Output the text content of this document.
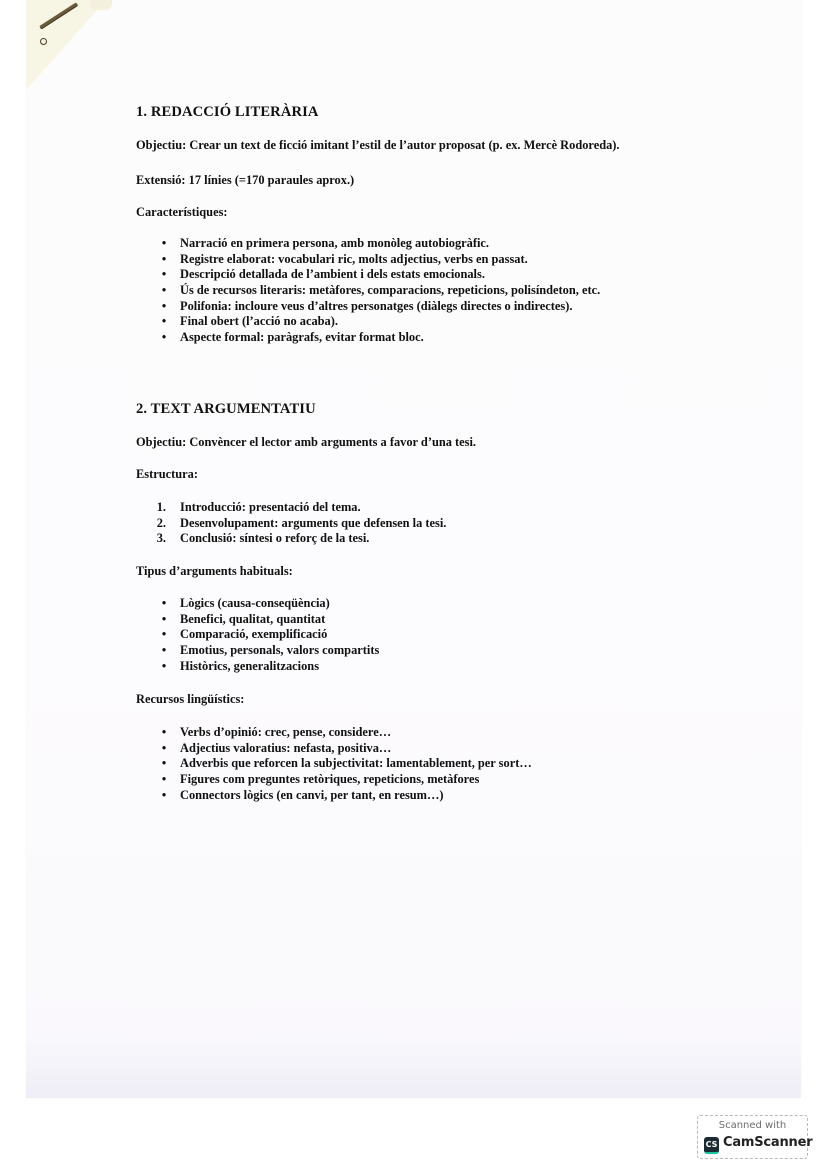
1. REDACCIÓ LITERÀRIA
Objectiu: Crear un text de ficció imitant l’estil de l’autor proposat (p. ex. Mercè Rodoreda).
Extensió: 17 línies (=170 paraules aprox.)
Característiques:
•	Narració en primera persona, amb monòleg autobiogràfic.
•	Registre elaborat: vocabulari ric, molts adjectius, verbs en passat.
•	Descripció detallada de l’ambient i dels estats emocionals.
•	Ús de recursos literaris: metàfores, comparacions, repeticions, polisíndeton, etc.
•	Polifonia: incloure veus d’altres personatges (diàlegs directes o indirectes).
•	Final obert (l’acció no acaba).
•	Aspecte formal: paràgrafs, evitar format bloc.
2. TEXT ARGUMENTATIU
Objectiu: Convèncer el lector amb arguments a favor d’una tesi.
Estructura:
1. Introducció: presentació del tema.
2. Desenvolupament: arguments que defensen la tesi.
3. Conclusió: síntesi o reforç de la tesi.
Tipus d’arguments habituals:
•	Lògics (causa-conseqüència)
•	Benefici, qualitat, quantitat
•	Comparació, exemplificació
•	Emotius, personals, valors compartits
•	Històrics, generalitzacions
Recursos lingüístics:
•	Verbs d’opinió: crec, pense, considere…
•	Adjectius valoratius: nefasta, positiva…
•	Adverbis que reforcen la subjectivitat: lamentablement, per sort…
•	Figures com preguntes retòriques, repeticions, metàfores
•	Connectors lògics (en canvi, per tant, en resum…)
Scanned with
CS CamScanner
